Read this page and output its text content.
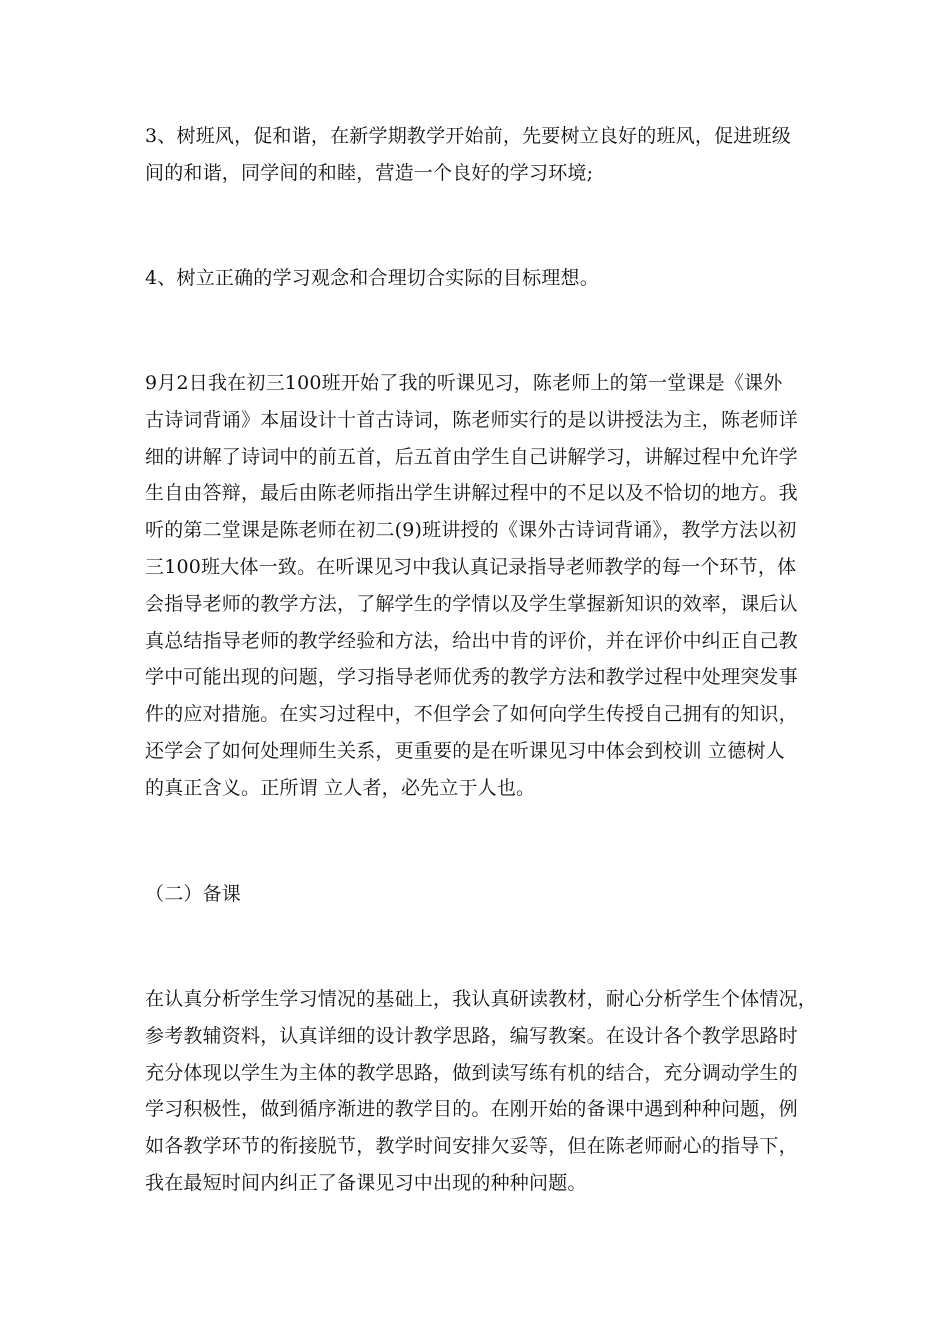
3、树班风，促和谐，在新学期教学开始前，先要树立良好的班风，促进班级
间的和谐，同学间的和睦，营造一个良好的学习环境;
4、树立正确的学习观念和合理切合实际的目标理想。
9月2日我在初三100班开始了我的听课见习，陈老师上的第一堂课是《课外
古诗词背诵》本届设计十首古诗词，陈老师实行的是以讲授法为主，陈老师详
细的讲解了诗词中的前五首，后五首由学生自己讲解学习，讲解过程中允许学
生自由答辩，最后由陈老师指出学生讲解过程中的不足以及不恰切的地方。我
听的第二堂课是陈老师在初二(9)班讲授的《课外古诗词背诵》，教学方法以初
三100班大体一致。在听课见习中我认真记录指导老师教学的每一个环节，体
会指导老师的教学方法，了解学生的学情以及学生掌握新知识的效率，课后认
真总结指导老师的教学经验和方法，给出中肯的评价，并在评价中纠正自己教
学中可能出现的问题，学习指导老师优秀的教学方法和教学过程中处理突发事
件的应对措施。在实习过程中，不但学会了如何向学生传授自己拥有的知识，
还学会了如何处理师生关系，更重要的是在听课见习中体会到校训 立德树人
的真正含义。正所谓 立人者，必先立于人也。
（二）备课
在认真分析学生学习情况的基础上，我认真研读教材，耐心分析学生个体情况，
参考教辅资料，认真详细的设计教学思路，编写教案。在设计各个教学思路时
充分体现以学生为主体的教学思路，做到读写练有机的结合，充分调动学生的
学习积极性，做到循序渐进的教学目的。在刚开始的备课中遇到种种问题，例
如各教学环节的衔接脱节，教学时间安排欠妥等，但在陈老师耐心的指导下，
我在最短时间内纠正了备课见习中出现的种种问题。
